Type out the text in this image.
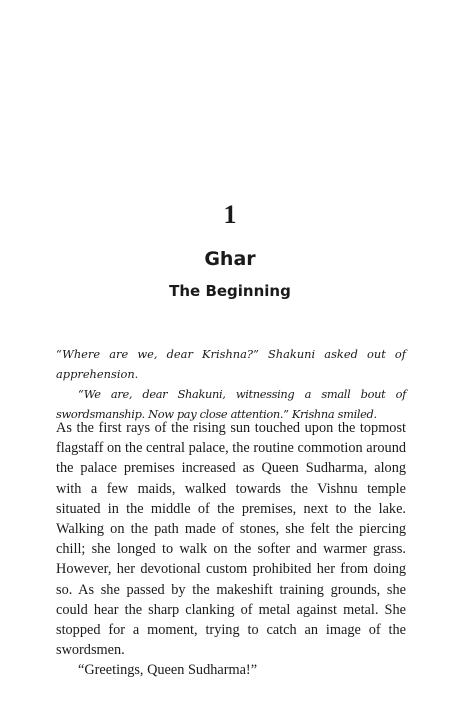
1
Ghar
The Beginning

“Where are we, dear Krishna?” Shakuni asked out of apprehension.

“We are, dear Shakuni, witnessing a small bout of swordsmanship. Now pay close attention.” Krishna smiled.

As the first rays of the rising sun touched upon the topmost flagstaff on the central palace, the routine commotion around the palace premises increased as Queen Sudharma, along with a few maids, walked towards the Vishnu temple situated in the middle of the premises, next to the lake. Walking on the path made of stones, she felt the piercing chill; she longed to walk on the softer and warmer grass. However, her devotional custom prohibited her from doing so. As she passed by the makeshift training grounds, she could hear the sharp clanking of metal against metal. She stopped for a moment, trying to catch an image of the swordsmen.

“Greetings, Queen Sudharma!”
